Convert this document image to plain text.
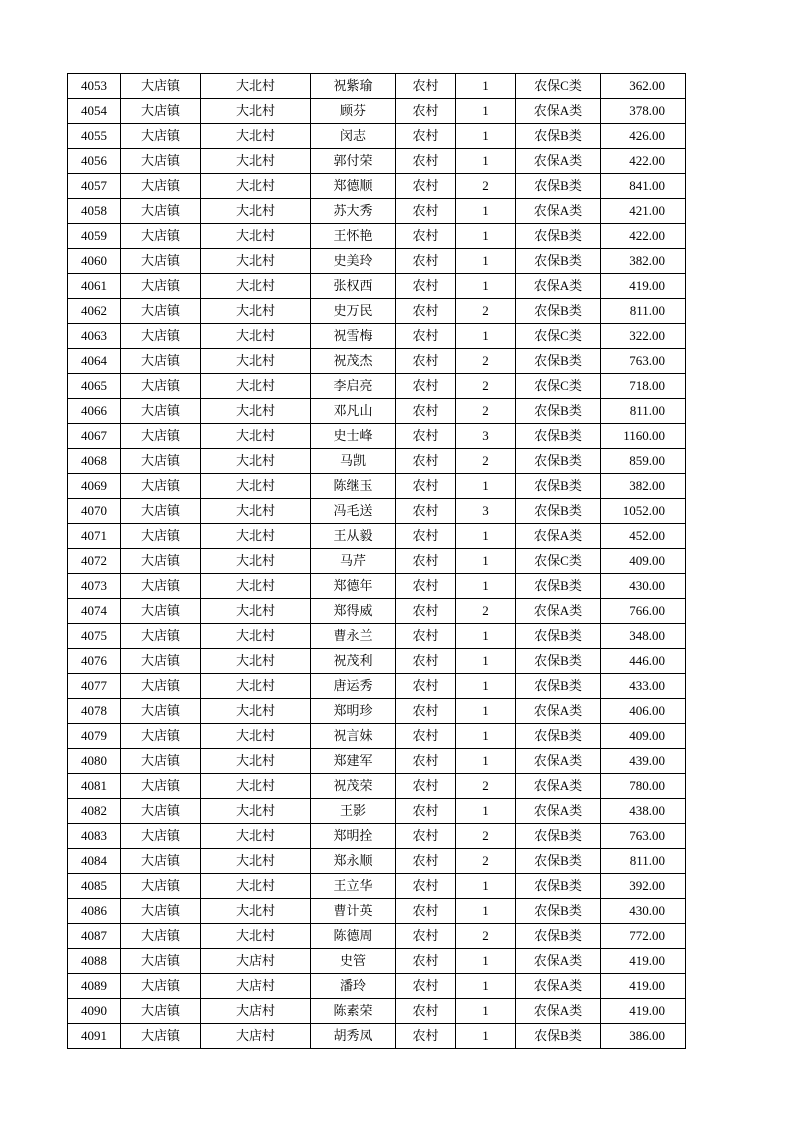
4053	大店镇	大北村	祝紫瑜	农村	1	农保C类	362.00
4054	大店镇	大北村	顾芬	农村	1	农保A类	378.00
4055	大店镇	大北村	闵志	农村	1	农保B类	426.00
4056	大店镇	大北村	郭付荣	农村	1	农保A类	422.00
4057	大店镇	大北村	郑德顺	农村	2	农保B类	841.00
4058	大店镇	大北村	苏大秀	农村	1	农保A类	421.00
4059	大店镇	大北村	王怀艳	农村	1	农保B类	422.00
4060	大店镇	大北村	史美玲	农村	1	农保B类	382.00
4061	大店镇	大北村	张权西	农村	1	农保A类	419.00
4062	大店镇	大北村	史万民	农村	2	农保B类	811.00
4063	大店镇	大北村	祝雪梅	农村	1	农保C类	322.00
4064	大店镇	大北村	祝茂杰	农村	2	农保B类	763.00
4065	大店镇	大北村	李启亮	农村	2	农保C类	718.00
4066	大店镇	大北村	邓凡山	农村	2	农保B类	811.00
4067	大店镇	大北村	史士峰	农村	3	农保B类	1160.00
4068	大店镇	大北村	马凯	农村	2	农保B类	859.00
4069	大店镇	大北村	陈继玉	农村	1	农保B类	382.00
4070	大店镇	大北村	冯毛送	农村	3	农保B类	1052.00
4071	大店镇	大北村	王从毅	农村	1	农保A类	452.00
4072	大店镇	大北村	马芹	农村	1	农保C类	409.00
4073	大店镇	大北村	郑德年	农村	1	农保B类	430.00
4074	大店镇	大北村	郑得威	农村	2	农保A类	766.00
4075	大店镇	大北村	曹永兰	农村	1	农保B类	348.00
4076	大店镇	大北村	祝茂利	农村	1	农保B类	446.00
4077	大店镇	大北村	唐运秀	农村	1	农保B类	433.00
4078	大店镇	大北村	郑明珍	农村	1	农保A类	406.00
4079	大店镇	大北村	祝言妹	农村	1	农保B类	409.00
4080	大店镇	大北村	郑建军	农村	1	农保A类	439.00
4081	大店镇	大北村	祝茂荣	农村	2	农保A类	780.00
4082	大店镇	大北村	王影	农村	1	农保A类	438.00
4083	大店镇	大北村	郑明拴	农村	2	农保B类	763.00
4084	大店镇	大北村	郑永顺	农村	2	农保B类	811.00
4085	大店镇	大北村	王立华	农村	1	农保B类	392.00
4086	大店镇	大北村	曹计英	农村	1	农保B类	430.00
4087	大店镇	大北村	陈德周	农村	2	农保B类	772.00
4088	大店镇	大店村	史管	农村	1	农保A类	419.00
4089	大店镇	大店村	潘玲	农村	1	农保A类	419.00
4090	大店镇	大店村	陈素荣	农村	1	农保A类	419.00
4091	大店镇	大店村	胡秀凤	农村	1	农保B类	386.00
